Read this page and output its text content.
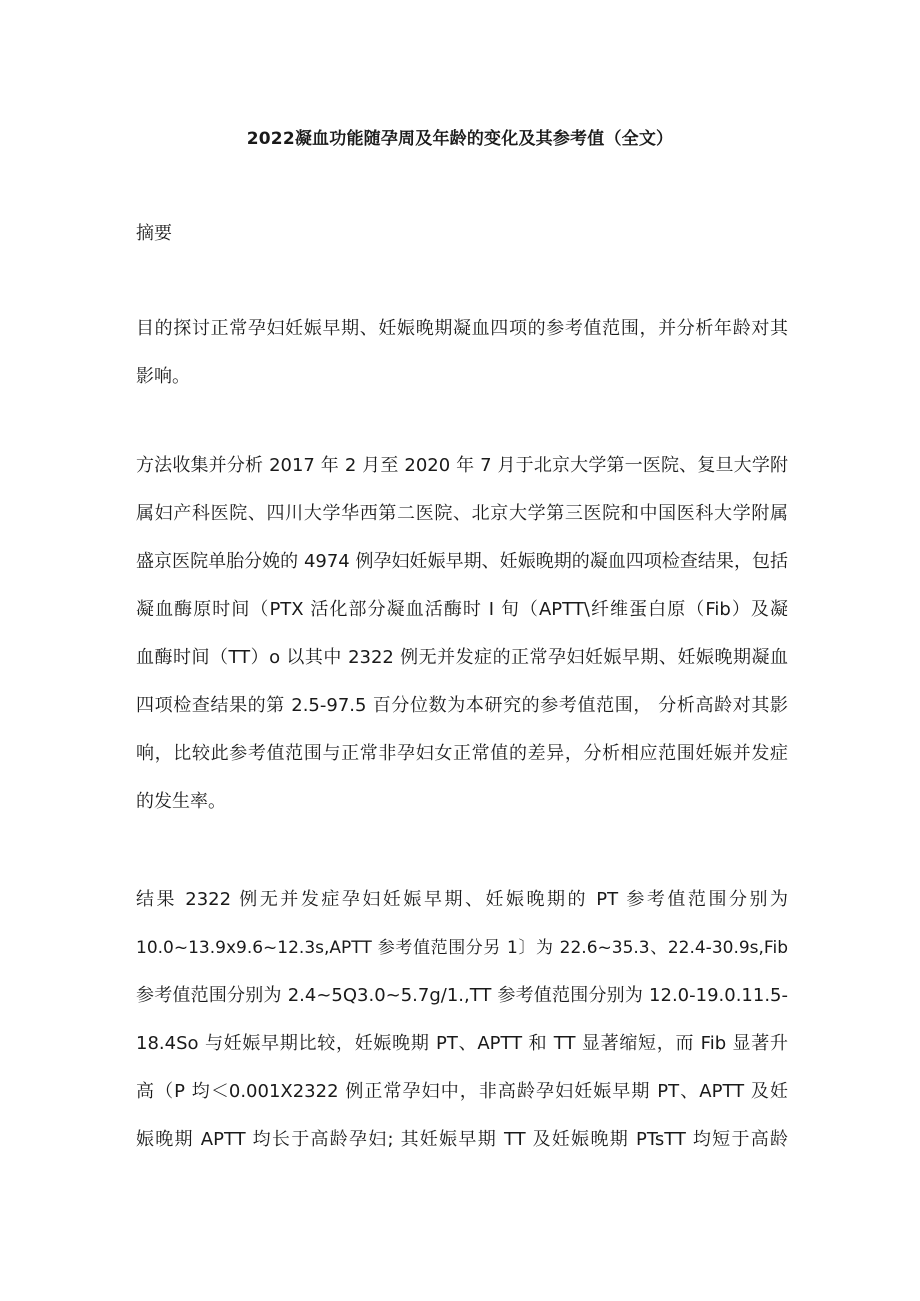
2022凝血功能随孕周及年龄的变化及其参考值（全文）
摘要
目的探讨正常孕妇妊娠早期、妊娠晚期凝血四项的参考值范围，并分析年龄对其
影响。
方法收集并分析 2017 年 2 月至 2020 年 7 月于北京大学第一医院、复旦大学附
属妇产科医院、四川大学华西第二医院、北京大学第三医院和中国医科大学附属
盛京医院单胎分娩的 4974 例孕妇妊娠早期、妊娠晚期的凝血四项检查结果，包括
凝血酶原时间（PTX 活化部分凝血活酶时 I 旬（APTT\纤维蛋白原（Fib）及凝
血酶时间（TT）o 以其中 2322 例无并发症的正常孕妇妊娠早期、妊娠晚期凝血
四项检查结果的第 2.5-97.5 百分位数为本研究的参考值范围， 分析高龄对其影
响，比较此参考值范围与正常非孕妇女正常值的差异，分析相应范围妊娠并发症
的发生率。
结果 2322 例无并发症孕妇妊娠早期、妊娠晚期的 PT 参考值范围分别为
10.0~13.9x9.6~12.3s,APTT 参考值范围分另 1〕为 22.6~35.3、22.4-30.9s,Fib
参考值范围分别为 2.4~5Q3.0~5.7g/1.,TT 参考值范围分别为 12.0-19.0.11.5-
18.4So 与妊娠早期比较，妊娠晚期 PT、APTT 和 TT 显著缩短，而 Fib 显著升
高（P 均＜0.001X2322 例正常孕妇中，非高龄孕妇妊娠早期 PT、APTT 及妊
娠晚期 APTT 均长于高龄孕妇; 其妊娠早期 TT 及妊娠晚期 PTsTT 均短于高龄
